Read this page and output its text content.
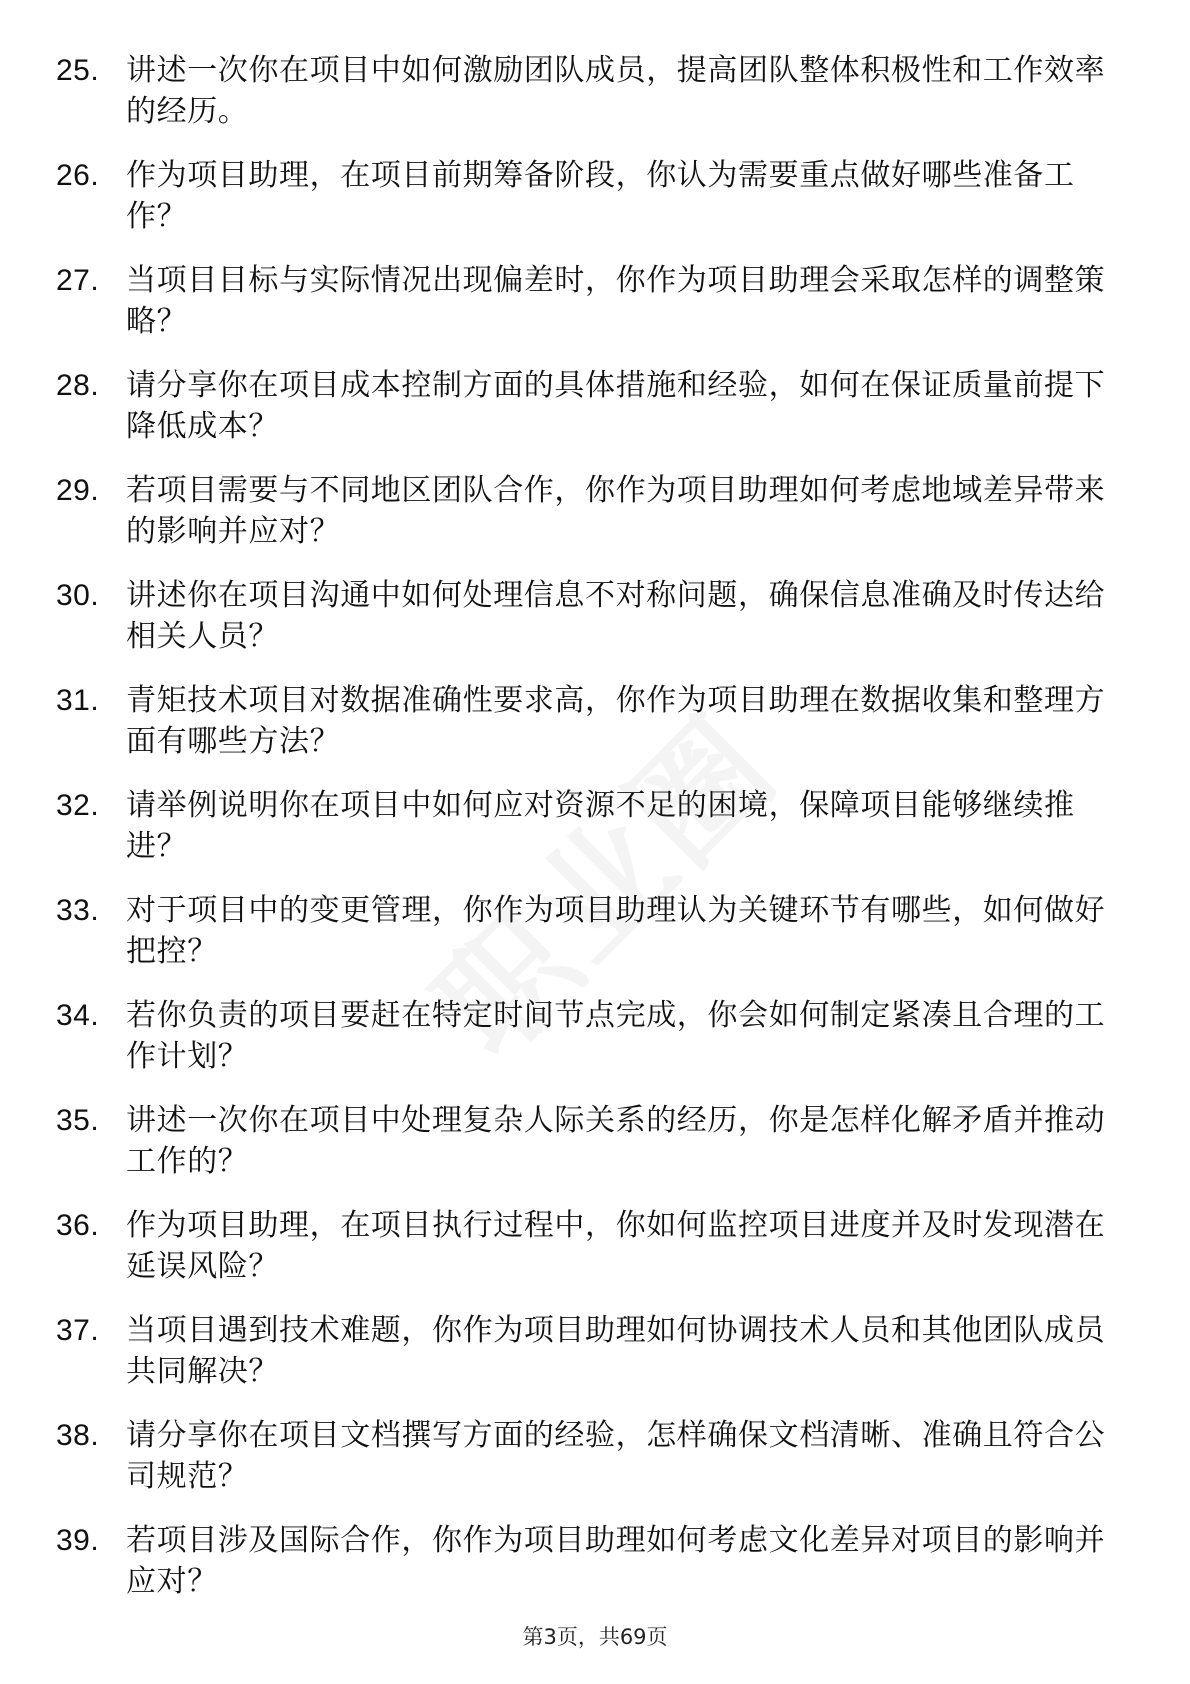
25. 讲述一次你在项目中如何激励团队成员，提高团队整体积极性和工作效率的经历。
26. 作为项目助理，在项目前期筹备阶段，你认为需要重点做好哪些准备工作？
27. 当项目目标与实际情况出现偏差时，你作为项目助理会采取怎样的调整策略？
28. 请分享你在项目成本控制方面的具体措施和经验，如何在保证质量前提下降低成本？
29. 若项目需要与不同地区团队合作，你作为项目助理如何考虑地域差异带来的影响并应对？
30. 讲述你在项目沟通中如何处理信息不对称问题，确保信息准确及时传达给相关人员？
31. 青矩技术项目对数据准确性要求高，你作为项目助理在数据收集和整理方面有哪些方法？
32. 请举例说明你在项目中如何应对资源不足的困境，保障项目能够继续推进？
33. 对于项目中的变更管理，你作为项目助理认为关键环节有哪些，如何做好把控？
34. 若你负责的项目要赶在特定时间节点完成，你会如何制定紧凑且合理的工作计划？
35. 讲述一次你在项目中处理复杂人际关系的经历，你是怎样化解矛盾并推动工作的？
36. 作为项目助理，在项目执行过程中，你如何监控项目进度并及时发现潜在延误风险？
37. 当项目遇到技术难题，你作为项目助理如何协调技术人员和其他团队成员共同解决？
38. 请分享你在项目文档撰写方面的经验，怎样确保文档清晰、准确且符合公司规范？
39. 若项目涉及国际合作，你作为项目助理如何考虑文化差异对项目的影响并应对？
第3页，共69页
